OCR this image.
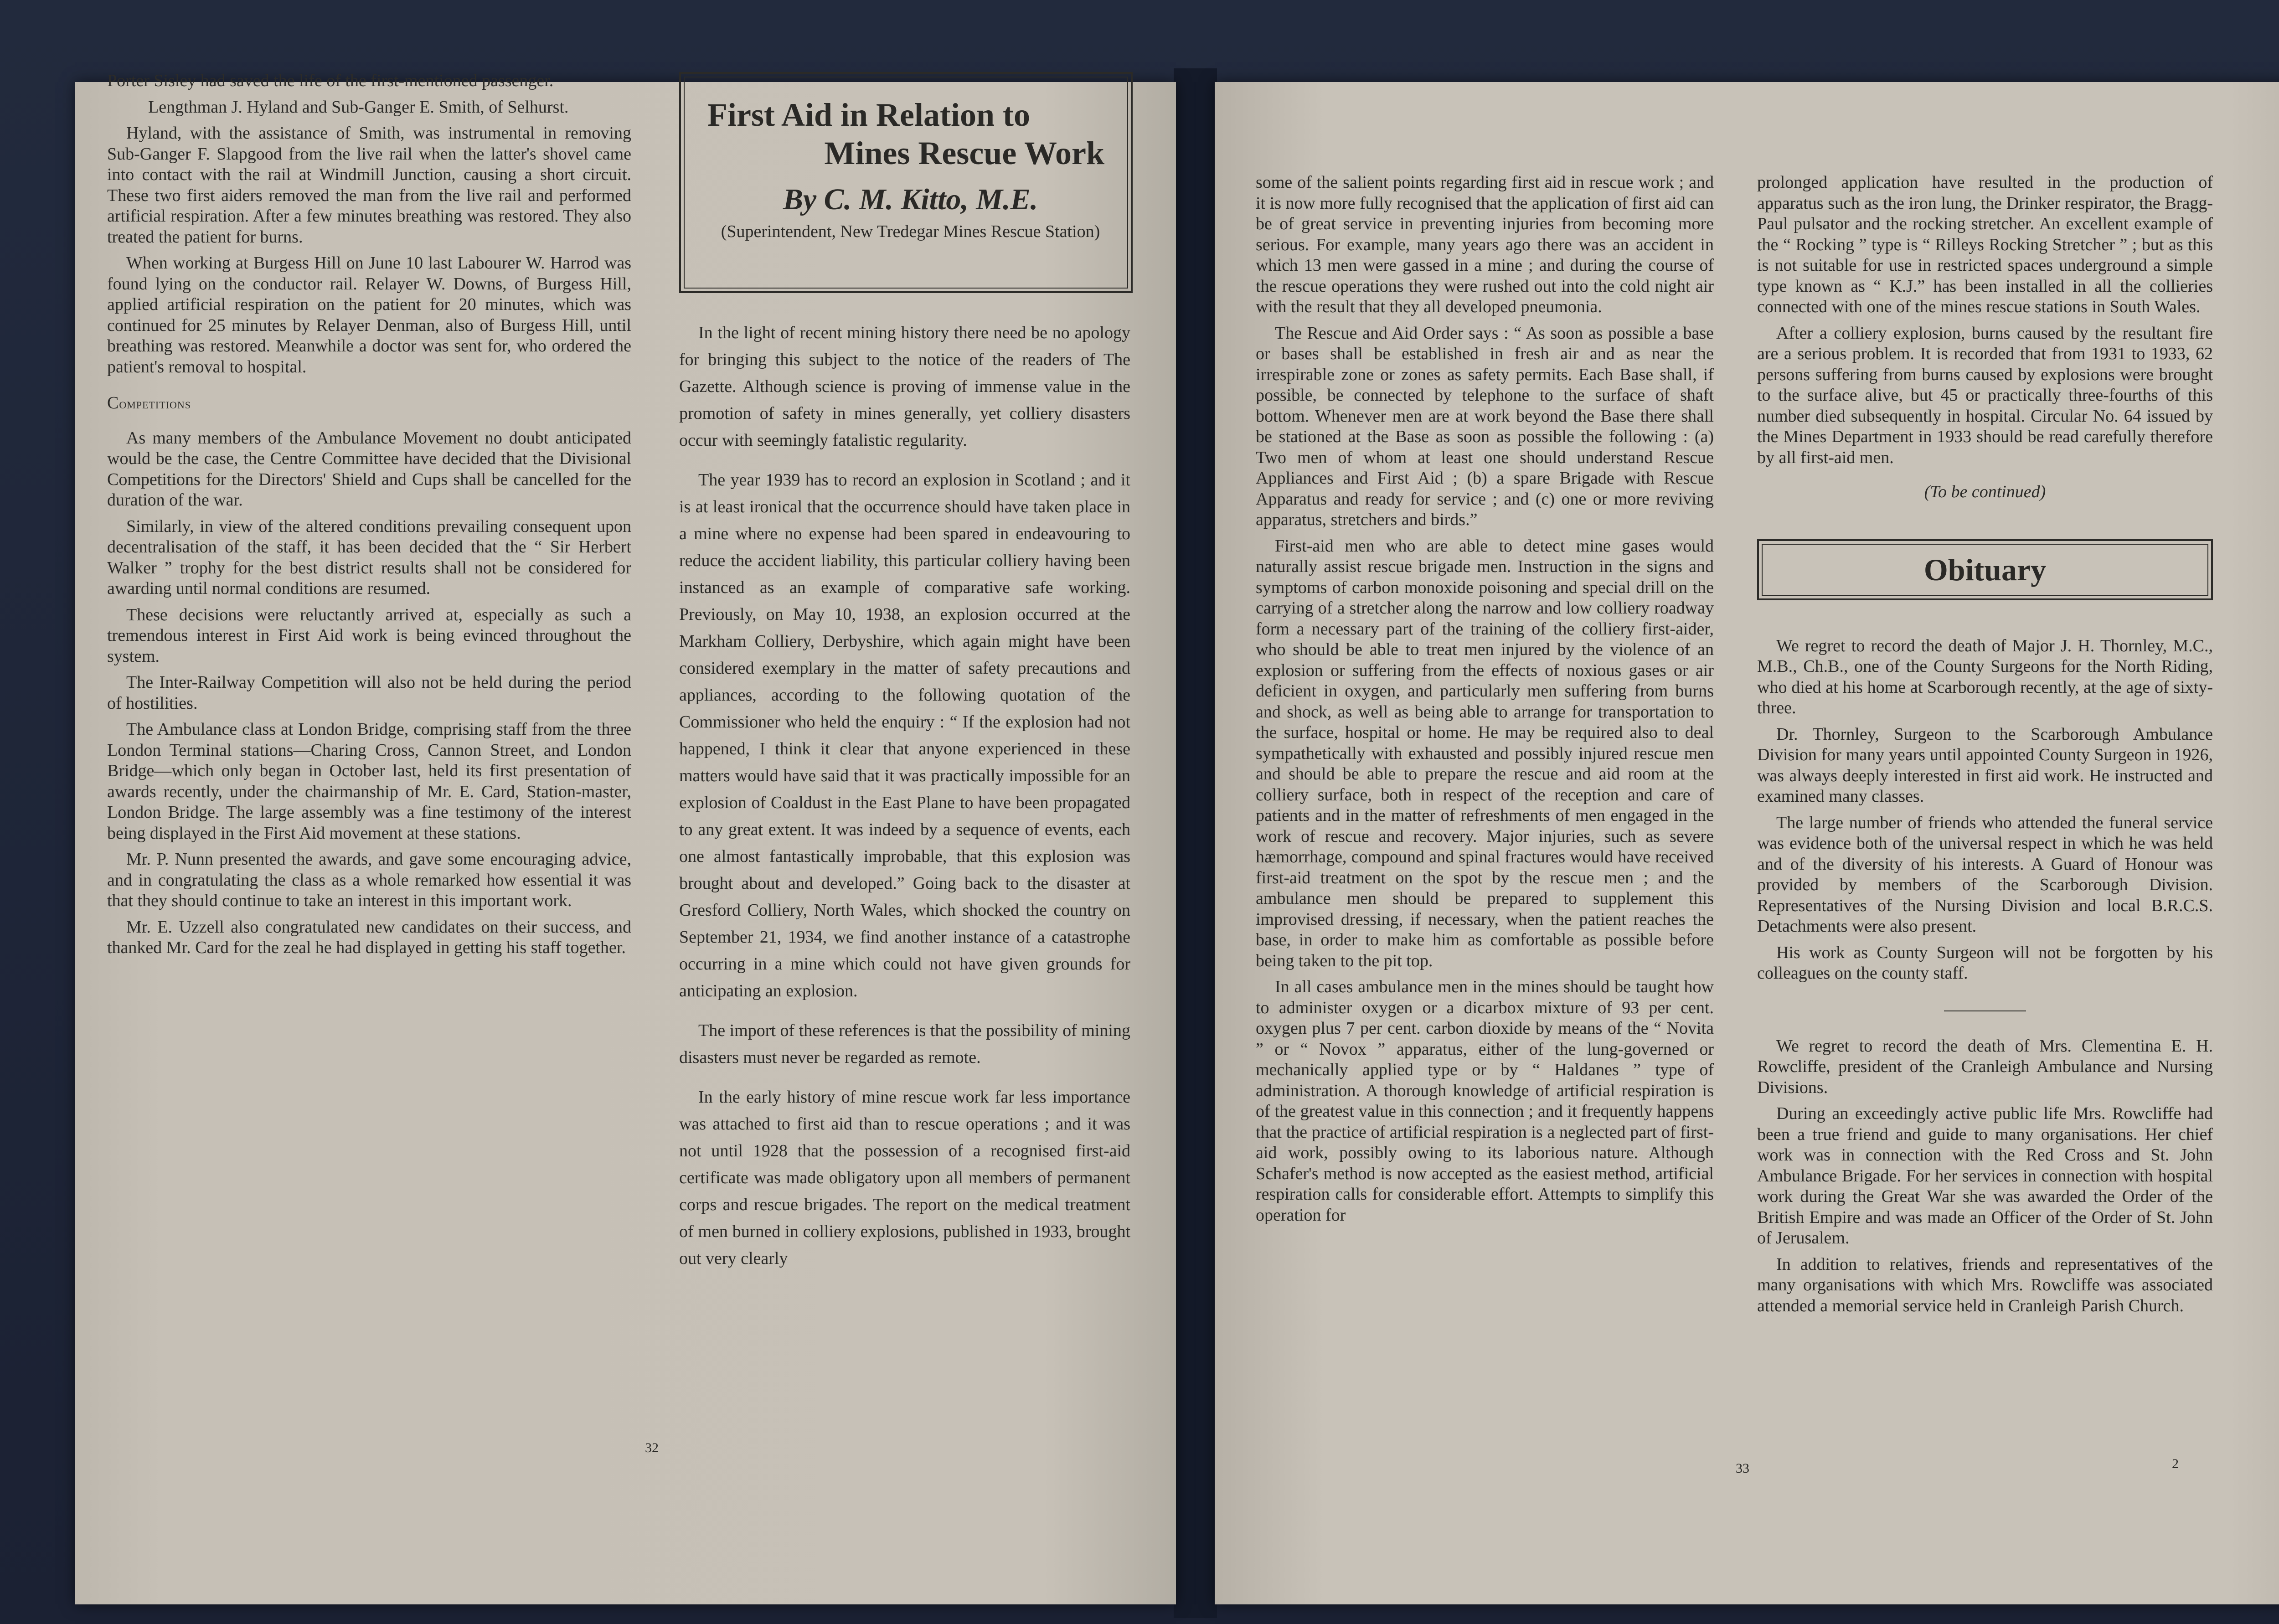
Porter Sisley had saved the life of the first-mentioned passenger.

Lengthman J. Hyland and Sub-Ganger E. Smith, of Selhurst.

Hyland, with the assistance of Smith, was instrumental in removing Sub-Ganger F. Slapgood from the live rail when the latter's shovel came into contact with the rail at Windmill Junction, causing a short circuit. These two first aiders removed the man from the live rail and performed artificial respiration. After a few minutes breathing was restored. They also treated the patient for burns.

When working at Burgess Hill on June 10 last Labourer W. Harrod was found lying on the conductor rail. Relayer W. Downs, of Burgess Hill, applied artificial respiration on the patient for 20 minutes, which was continued for 25 minutes by Relayer Denman, also of Burgess Hill, until breathing was restored. Meanwhile a doctor was sent for, who ordered the patient's removal to hospital.

Competitions

As many members of the Ambulance Movement no doubt anticipated would be the case, the Centre Committee have decided that the Divisional Competitions for the Directors' Shield and Cups shall be cancelled for the duration of the war.

Similarly, in view of the altered conditions prevailing consequent upon decentralisation of the staff, it has been decided that the “ Sir Herbert Walker ” trophy for the best district results shall not be considered for awarding until normal conditions are resumed.

These decisions were reluctantly arrived at, especially as such a tremendous interest in First Aid work is being evinced throughout the system.

The Inter-Railway Competition will also not be held during the period of hostilities.

The Ambulance class at London Bridge, comprising staff from the three London Terminal stations—Charing Cross, Cannon Street, and London Bridge—which only began in October last, held its first presentation of awards recently, under the chairmanship of Mr. E. Card, Station-master, London Bridge. The large assembly was a fine testimony of the interest being displayed in the First Aid movement at these stations.

Mr. P. Nunn presented the awards, and gave some encouraging advice, and in congratulating the class as a whole remarked how essential it was that they should continue to take an interest in this important work.

Mr. E. Uzzell also congratulated new candidates on their success, and thanked Mr. Card for the zeal he had displayed in getting his staff together.

First Aid in Relation to
Mines Rescue Work
By C. M. Kitto, M.E.
(Superintendent, New Tredegar Mines Rescue Station)

In the light of recent mining history there need be no apology for bringing this subject to the notice of the readers of The Gazette. Although science is proving of immense value in the promotion of safety in mines generally, yet colliery disasters occur with seemingly fatalistic regularity.

The year 1939 has to record an explosion in Scotland ; and it is at least ironical that the occurrence should have taken place in a mine where no expense had been spared in endeavouring to reduce the accident liability, this particular colliery having been instanced as an example of comparative safe working. Previously, on May 10, 1938, an explosion occurred at the Markham Colliery, Derbyshire, which again might have been considered exemplary in the matter of safety precautions and appliances, according to the following quotation of the Commissioner who held the enquiry : “ If the explosion had not happened, I think it clear that anyone experienced in these matters would have said that it was practically impossible for an explosion of Coaldust in the East Plane to have been propagated to any great extent. It was indeed by a sequence of events, each one almost fantastically improbable, that this explosion was brought about and developed.” Going back to the disaster at Gresford Colliery, North Wales, which shocked the country on September 21, 1934, we find another instance of a catastrophe occurring in a mine which could not have given grounds for anticipating an explosion.

The import of these references is that the possibility of mining disasters must never be regarded as remote.

In the early history of mine rescue work far less importance was attached to first aid than to rescue operations ; and it was not until 1928 that the possession of a recognised first-aid certificate was made obligatory upon all members of permanent corps and rescue brigades. The report on the medical treatment of men burned in colliery explosions, published in 1933, brought out very clearly

32

some of the salient points regarding first aid in rescue work ; and it is now more fully recognised that the application of first aid can be of great service in preventing injuries from becoming more serious. For example, many years ago there was an accident in which 13 men were gassed in a mine ; and during the course of the rescue operations they were rushed out into the cold night air with the result that they all developed pneumonia.

The Rescue and Aid Order says : “ As soon as possible a base or bases shall be established in fresh air and as near the irrespirable zone or zones as safety permits. Each Base shall, if possible, be connected by telephone to the surface of shaft bottom. Whenever men are at work beyond the Base there shall be stationed at the Base as soon as possible the following : (a) Two men of whom at least one should understand Rescue Appliances and First Aid ; (b) a spare Brigade with Rescue Apparatus and ready for service ; and (c) one or more reviving apparatus, stretchers and birds.”

First-aid men who are able to detect mine gases would naturally assist rescue brigade men. Instruction in the signs and symptoms of carbon monoxide poisoning and special drill on the carrying of a stretcher along the narrow and low colliery roadway form a necessary part of the training of the colliery first-aider, who should be able to treat men injured by the violence of an explosion or suffering from the effects of noxious gases or air deficient in oxygen, and particularly men suffering from burns and shock, as well as being able to arrange for transportation to the surface, hospital or home. He may be required also to deal sympathetically with exhausted and possibly injured rescue men and should be able to prepare the rescue and aid room at the colliery surface, both in respect of the reception and care of patients and in the matter of refreshments of men engaged in the work of rescue and recovery. Major injuries, such as severe hæmorrhage, compound and spinal fractures would have received first-aid treatment on the spot by the rescue men ; and the ambulance men should be prepared to supplement this improvised dressing, if necessary, when the patient reaches the base, in order to make him as comfortable as possible before being taken to the pit top.

In all cases ambulance men in the mines should be taught how to administer oxygen or a dicarbox mixture of 93 per cent. oxygen plus 7 per cent. carbon dioxide by means of the “ Novita ” or “ Novox ” apparatus, either of the lung-governed or mechanically applied type or by “ Haldanes ” type of administration. A thorough knowledge of artificial respiration is of the greatest value in this connection ; and it frequently happens that the practice of artificial respiration is a neglected part of first-aid work, possibly owing to its laborious nature. Although Schafer's method is now accepted as the easiest method, artificial respiration calls for considerable effort. Attempts to simplify this operation for

prolonged application have resulted in the production of apparatus such as the iron lung, the Drinker respirator, the Bragg-Paul pulsator and the rocking stretcher. An excellent example of the “ Rocking ” type is “ Rilleys Rocking Stretcher ” ; but as this is not suitable for use in restricted spaces underground a simple type known as “ K.J.” has been installed in all the collieries connected with one of the mines rescue stations in South Wales.

After a colliery explosion, burns caused by the resultant fire are a serious problem. It is recorded that from 1931 to 1933, 62 persons suffering from burns caused by explosions were brought to the surface alive, but 45 or practically three-fourths of this number died subsequently in hospital. Circular No. 64 issued by the Mines Department in 1933 should be read carefully therefore by all first-aid men.

(To be continued)
Obituary

We regret to record the death of Major J. H. Thornley, M.C., M.B., Ch.B., one of the County Surgeons for the North Riding, who died at his home at Scarborough recently, at the age of sixty-three.

Dr. Thornley, Surgeon to the Scarborough Ambulance Division for many years until appointed County Surgeon in 1926, was always deeply interested in first aid work. He instructed and examined many classes.

The large number of friends who attended the funeral service was evidence both of the universal respect in which he was held and of the diversity of his interests. A Guard of Honour was provided by members of the Scarborough Division. Representatives of the Nursing Division and local B.R.C.S. Detachments were also present.

His work as County Surgeon will not be forgotten by his colleagues on the county staff.

We regret to record the death of Mrs. Clementina E. H. Rowcliffe, president of the Cranleigh Ambulance and Nursing Divisions.

During an exceedingly active public life Mrs. Rowcliffe had been a true friend and guide to many organisations. Her chief work was in connection with the Red Cross and St. John Ambulance Brigade. For her services in connection with hospital work during the Great War she was awarded the Order of the British Empire and was made an Officer of the Order of St. John of Jerusalem.

In addition to relatives, friends and representatives of the many organisations with which Mrs. Rowcliffe was associated attended a memorial service held in Cranleigh Parish Church.

33	2
